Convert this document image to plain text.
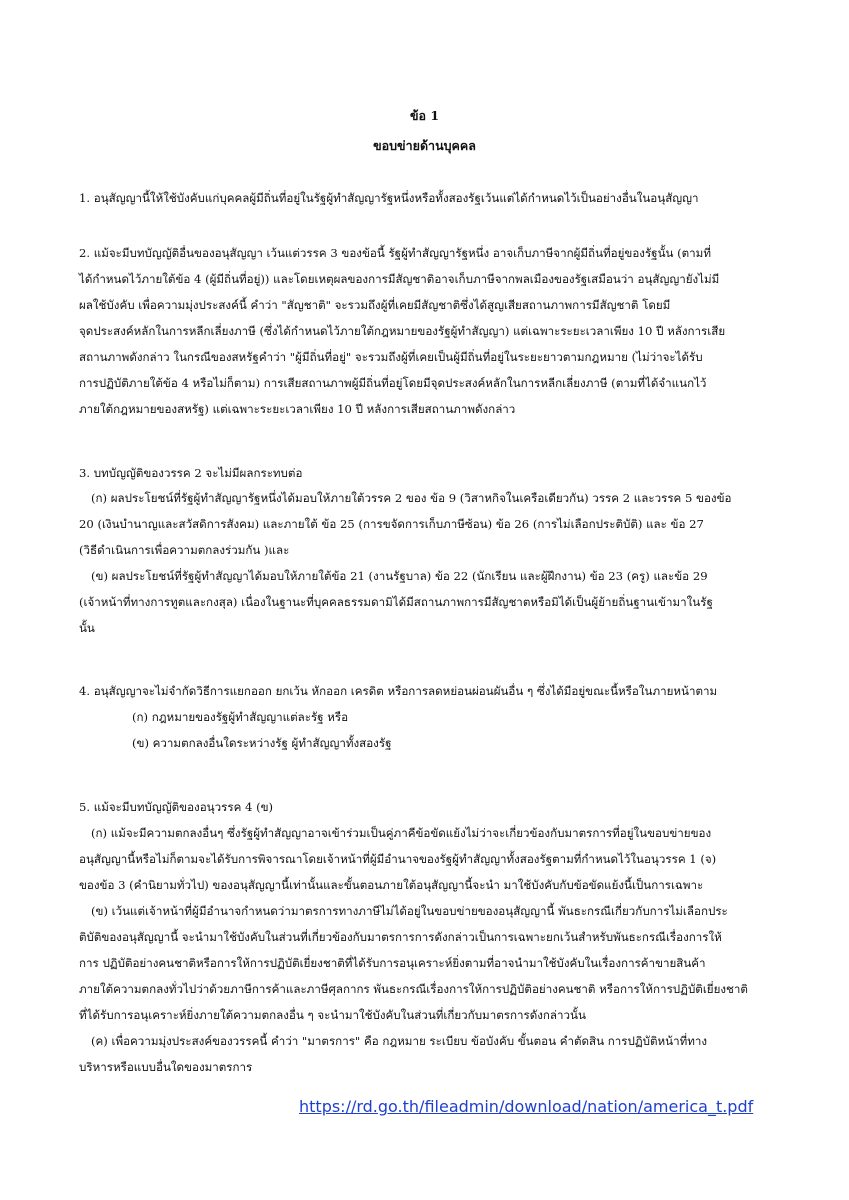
ข้อ 1
ขอบข่ายด้านบุคคล
1. อนุสัญญานี้ให้ใช้บังคับแก่บุคคลผู้มีถิ่นที่อยู่ในรัฐผู้ทำสัญญารัฐหนึ่งหรือทั้งสองรัฐเว้นแต่ได้กำหนดไว้เป็นอย่างอื่นในอนุสัญญา
2. แม้จะมีบทบัญญัติอื่นของอนุสัญญา เว้นแต่วรรค 3 ของข้อนี้ รัฐผู้ทำสัญญารัฐหนึ่ง อาจเก็บภาษีจากผู้มีถิ่นที่อยู่ของรัฐนั้น (ตามที่
ได้กำหนดไว้ภายใต้ข้อ 4 (ผู้มีถิ่นที่อยู่)) และโดยเหตุผลของการมีสัญชาติอาจเก็บภาษีจากพลเมืองของรัฐเสมือนว่า อนุสัญญายังไม่มี
ผลใช้บังคับ เพื่อความมุ่งประสงค์นี้ คำว่า "สัญชาติ" จะรวมถึงผู้ที่เคยมีสัญชาติซึ่งได้สูญเสียสถานภาพการมีสัญชาติ โดยมี
จุดประสงค์หลักในการหลีกเลี่ยงภาษี (ซึ่งได้กำหนดไว้ภายใต้กฎหมายของรัฐผู้ทำสัญญา) แต่เฉพาะระยะเวลาเพียง 10 ปี หลังการเสีย
สถานภาพดังกล่าว ในกรณีของสหรัฐคำว่า "ผู้มีถิ่นที่อยู่" จะรวมถึงผู้ที่เคยเป็นผู้มีถิ่นที่อยู่ในระยะยาวตามกฎหมาย (ไม่ว่าจะได้รับ
การปฏิบัติภายใต้ข้อ 4 หรือไม่ก็ตาม) การเสียสถานภาพผู้มีถิ่นที่อยู่โดยมีจุดประสงค์หลักในการหลีกเลี่ยงภาษี (ตามที่ได้จำแนกไว้
ภายใต้กฎหมายของสหรัฐ) แต่เฉพาะระยะเวลาเพียง 10 ปี หลังการเสียสถานภาพดังกล่าว
3. บทบัญญัติของวรรค 2 จะไม่มีผลกระทบต่อ
(ก) ผลประโยชน์ที่รัฐผู้ทำสัญญารัฐหนึ่งได้มอบให้ภายใต้วรรค 2 ของ ข้อ 9 (วิสาหกิจในเครือเดียวกัน) วรรค 2 และวรรค 5 ของข้อ
20 (เงินบำนาญและสวัสดิการสังคม) และภายใต้ ข้อ 25 (การขจัดการเก็บภาษีซ้อน) ข้อ 26 (การไม่เลือกประติบัติ) และ ข้อ 27
(วิธีดำเนินการเพื่อความตกลงร่วมกัน )และ
(ข) ผลประโยชน์ที่รัฐผู้ทำสัญญาได้มอบให้ภายใต้ข้อ 21 (งานรัฐบาล) ข้อ 22 (นักเรียน และผู้ฝึกงาน) ข้อ 23 (ครู) และข้อ 29
(เจ้าหน้าที่ทางการทูตและกงสุล) เนื่องในฐานะที่บุคคลธรรมดามิได้มีสถานภาพการมีสัญชาตหรือมิได้เป็นผู้ย้ายถิ่นฐานเข้ามาในรัฐ
นั้น
4. อนุสัญญาจะไม่จำกัดวิธีการแยกออก ยกเว้น หักออก เครดิต หรือการลดหย่อนผ่อนผันอื่น ๆ ซึ่งได้มีอยู่ขณะนี้หรือในภายหน้าตาม
(ก) กฎหมายของรัฐผู้ทำสัญญาแต่ละรัฐ หรือ
(ข) ความตกลงอื่นใดระหว่างรัฐ ผู้ทำสัญญาทั้งสองรัฐ
5. แม้จะมีบทบัญญัติของอนุวรรค 4 (ข)
(ก) แม้จะมีความตกลงอื่นๆ ซึ่งรัฐผู้ทำสัญญาอาจเข้าร่วมเป็นคู่ภาคีข้อขัดแย้งไม่ว่าจะเกี่ยวข้องกับมาตรการที่อยู่ในขอบข่ายของ
อนุสัญญานี้หรือไม่ก็ตามจะได้รับการพิจารณาโดยเจ้าหน้าที่ผู้มีอำนาจของรัฐผู้ทำสัญญาทั้งสองรัฐตามที่กำหนดไว้ในอนุวรรค 1 (จ)
ของข้อ 3 (คำนิยามทั่วไป) ของอนุสัญญานี้เท่านั้นและขั้นตอนภายใต้อนุสัญญานี้จะนำ มาใช้บังคับกับข้อขัดแย้งนี้เป็นการเฉพาะ
(ข) เว้นแต่เจ้าหน้าที่ผู้มีอำนาจกำหนดว่ามาตรการทางภาษีไม่ได้อยู่ในขอบข่ายของอนุสัญญานี้ พันธะกรณีเกี่ยวกับการไม่เลือกประ
ติบัติของอนุสัญญานี้ จะนำมาใช้บังคับในส่วนที่เกี่ยวข้องกับมาตรการการดังกล่าวเป็นการเฉพาะยกเว้นสำหรับพันธะกรณีเรื่องการให้
การ ปฏิบัติอย่างคนชาติหรือการให้การปฏิบัติเยี่ยงชาติที่ได้รับการอนุเคราะห์ยิ่งตามที่อาจนำมาใช้บังคับในเรื่องการค้าขายสินค้า
ภายใต้ความตกลงทั่วไปว่าด้วยภาษีการค้าและภาษีศุลกากร พันธะกรณีเรื่องการให้การปฏิบัติอย่างคนชาติ หรือการให้การปฏิบัติเยี่ยงชาติ
ที่ได้รับการอนุเคราะห์ยิ่งภายใต้ความตกลงอื่น ๆ จะนำมาใช้บังคับในส่วนที่เกี่ยวกับมาตรการดังกล่าวนั้น
(ค) เพื่อความมุ่งประสงค์ของวรรคนี้ คำว่า "มาตรการ" คือ กฎหมาย ระเบียบ ข้อบังคับ ขั้นตอน คำตัดสิน การปฏิบัติหน้าที่ทาง
บริหารหรือแบบอื่นใดของมาตรการ
https://rd.go.th/fileadmin/download/nation/america_t.pdf
